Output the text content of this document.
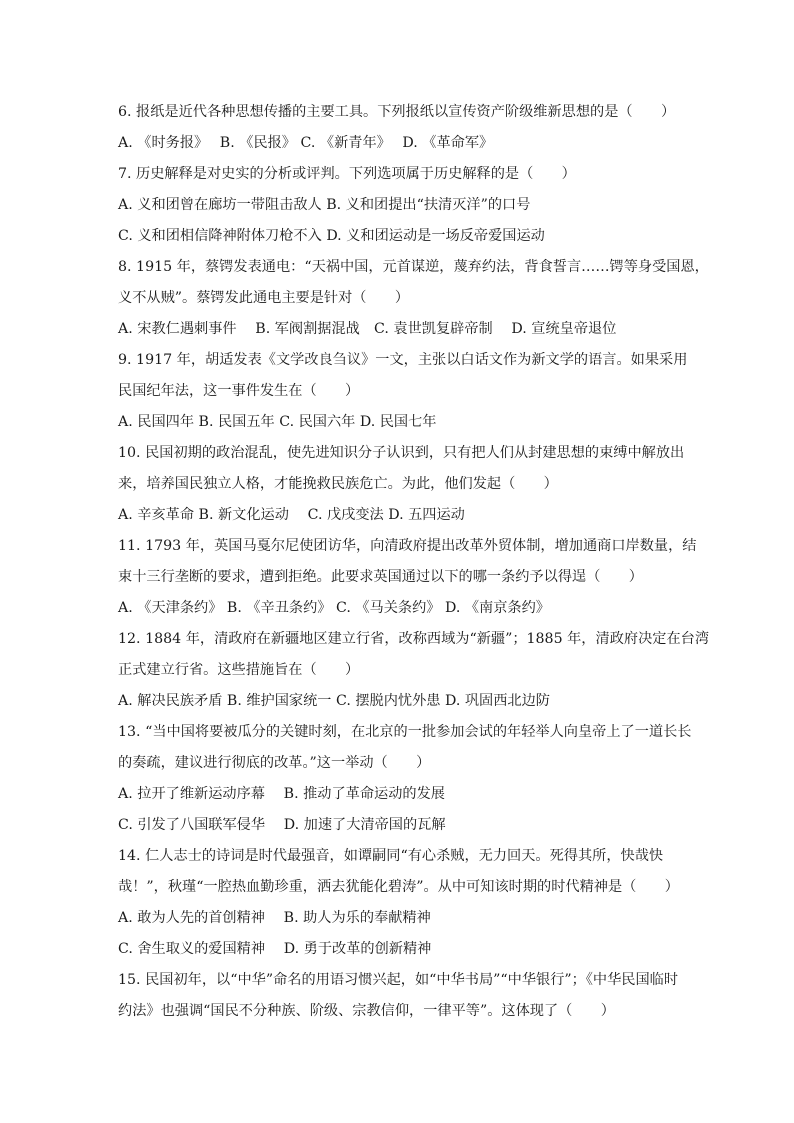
6. 报纸是近代各种思想传播的主要工具。下列报纸以宣传资产阶级维新思想的是（　　）
A. 《时务报》　 B. 《民报》 C. 《新青年》　 D. 《革命军》
7. 历史解释是对史实的分析或评判。下列选项属于历史解释的是（　　）
A. 义和团曾在廊坊一带阻击敌人 B. 义和团提出“扶清灭洋”的口号
C. 义和团相信降神附体刀枪不入 D. 义和团运动是一场反帝爱国运动
8. 1915 年，蔡锷发表通电：“天祸中国，元首谋逆，蔑弃约法，背食誓言……锷等身受国恩，
义不从贼”。蔡锷发此通电主要是针对（　　）
A. 宋教仁遇刺事件　 B. 军阀割据混战　C. 袁世凯复辟帝制　 D. 宣统皇帝退位
9. 1917 年，胡适发表《文学改良刍议》一文，主张以白话文作为新文学的语言。如果采用
民国纪年法，这一事件发生在（　　）
A. 民国四年 B. 民国五年 C. 民国六年 D. 民国七年
10. 民国初期的政治混乱，使先进知识分子认识到，只有把人们从封建思想的束缚中解放出
来，培养国民独立人格，才能挽救民族危亡。为此，他们发起（　　）
A. 辛亥革命 B. 新文化运动　 C. 戊戌变法 D. 五四运动
11. 1793 年，英国马戛尔尼使团访华，向清政府提出改革外贸体制，增加通商口岸数量，结
束十三行垄断的要求，遭到拒绝。此要求英国通过以下的哪一条约予以得逞（　　）
A. 《天津条约》 B. 《辛丑条约》 C. 《马关条约》 D. 《南京条约》
12. 1884 年，清政府在新疆地区建立行省，改称西域为“新疆”；1885 年，清政府决定在台湾
正式建立行省。这些措施旨在（　　）
A. 解决民族矛盾 B. 维护国家统一 C. 摆脱内忧外患 D. 巩固西北边防
13. “当中国将要被瓜分的关键时刻，在北京的一批参加会试的年轻举人向皇帝上了一道长长
的奏疏，建议进行彻底的改革。”这一举动（　　）
A. 拉开了维新运动序幕　 B. 推动了革命运动的发展
C. 引发了八国联军侵华　 D. 加速了大清帝国的瓦解
14. 仁人志士的诗词是时代最强音，如谭嗣同“有心杀贼，无力回天。死得其所，快哉快
哉！”，秋瑾“一腔热血勤珍重，洒去犹能化碧涛”。从中可知该时期的时代精神是（　　）
A. 敢为人先的首创精神　 B. 助人为乐的奉献精神
C. 舍生取义的爱国精神　 D. 勇于改革的创新精神
15. 民国初年，以“中华”命名的用语习惯兴起，如“中华书局”“中华银行”；《中华民国临时
约法》也强调“国民不分种族、阶级、宗教信仰，一律平等”。这体现了（　　）
